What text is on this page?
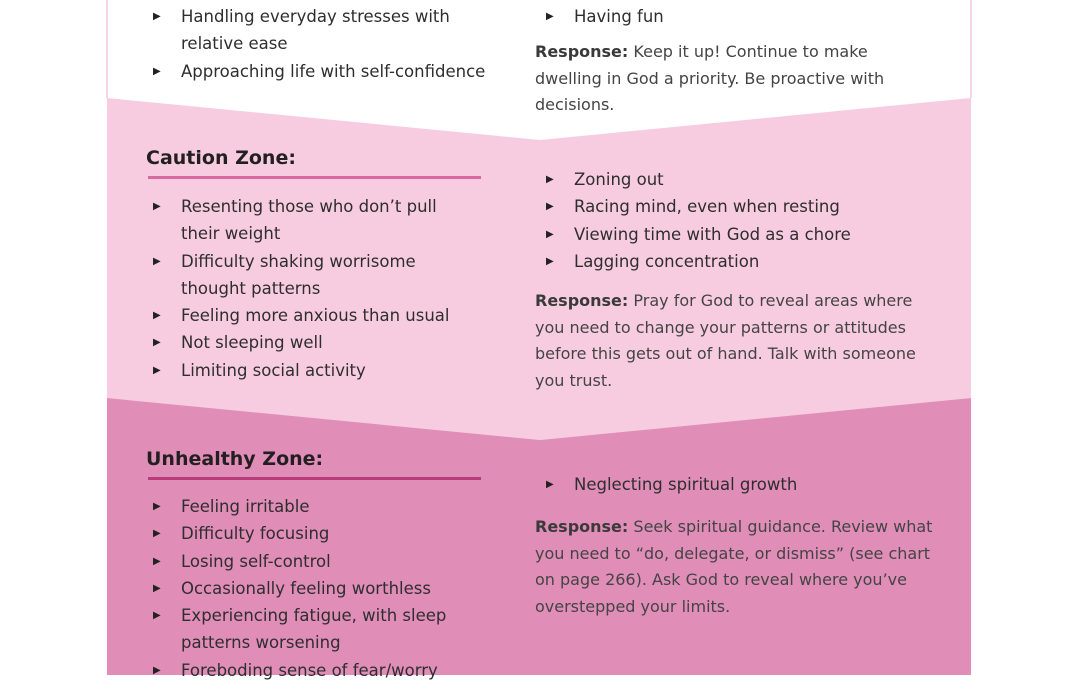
▶ Handling everyday stresses with
relative ease
▶ Approaching life with self-confidence
▶ Having fun

Response: Keep it up! Continue to make dwelling in God a priority. Be proactive with decisions.

Caution Zone:
▶ Resenting those who don’t pull
their weight
▶ Difficulty shaking worrisome
thought patterns
▶ Feeling more anxious than usual
▶ Not sleeping well
▶ Limiting social activity
▶ Zoning out
▶ Racing mind, even when resting
▶ Viewing time with God as a chore
▶ Lagging concentration

Response: Pray for God to reveal areas where you need to change your patterns or attitudes before this gets out of hand. Talk with someone you trust.

Unhealthy Zone:
▶ Feeling irritable
▶ Difficulty focusing
▶ Losing self-control
▶ Occasionally feeling worthless
▶ Experiencing fatigue, with sleep
patterns worsening
▶ Foreboding sense of fear/worry
▶ Neglecting spiritual growth

Response: Seek spiritual guidance. Review what you need to “do, delegate, or dismiss” (see chart on page 266). Ask God to reveal where you’ve overstepped your limits.
